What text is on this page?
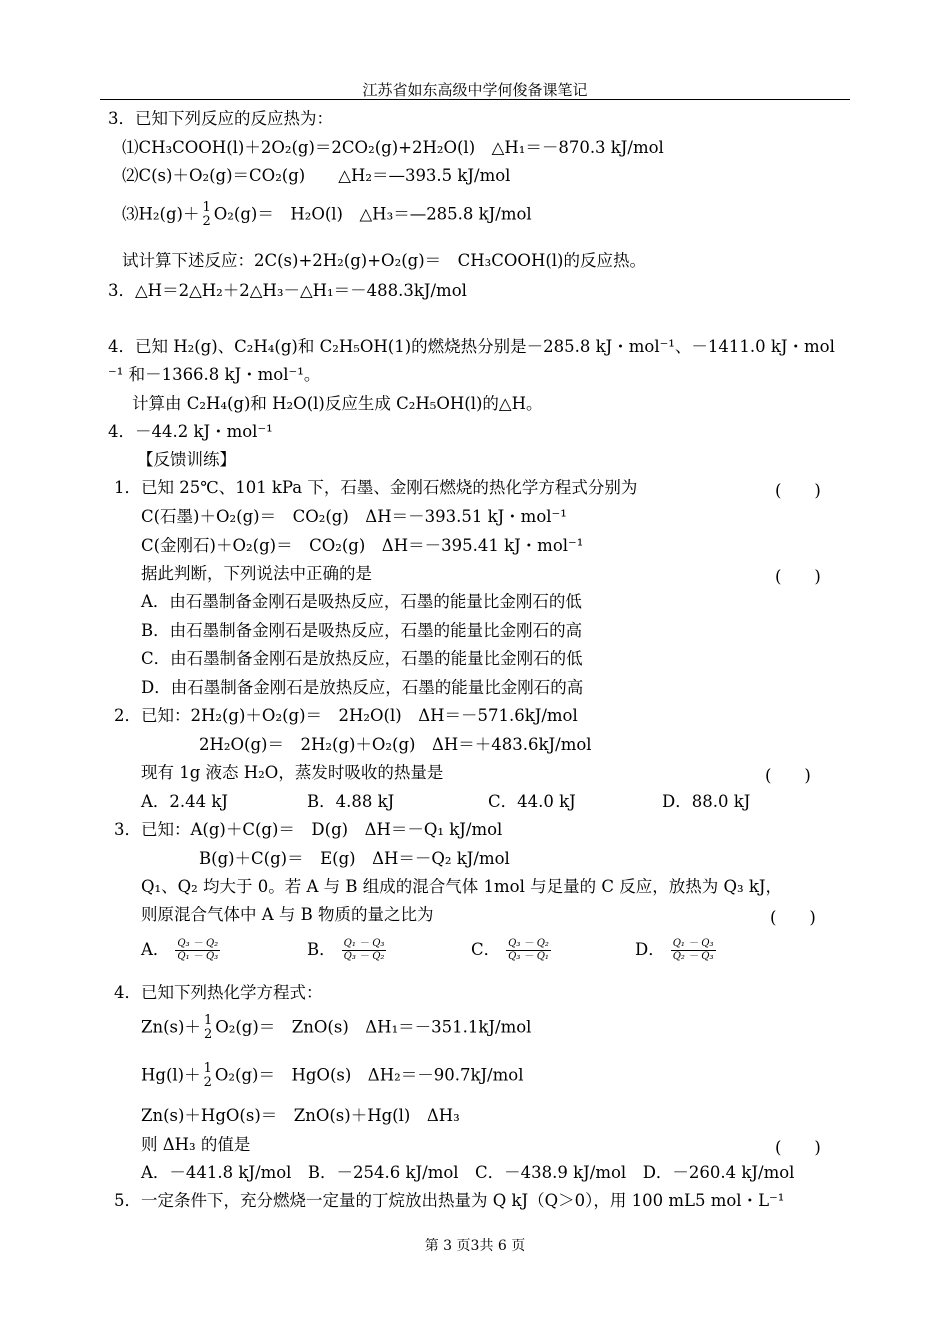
江苏省如东高级中学何俊备课笔记
3．已知下列反应的反应热为：
⑴CH₃COOH(l)＋2O₂(g)＝2CO₂(g)+2H₂O(l)　△H₁＝－870.3 kJ/mol
⑵C(s)＋O₂(g)＝CO₂(g)　　△H₂＝—393.5 kJ/mol
⑶H₂(g)＋ 1
2 O₂(g)＝　H₂O(l)　△H₃＝—285.8 kJ/mol
试计算下述反应：2C(s)+2H₂(g)+O₂(g)＝　CH₃COOH(l)的反应热。
3．△H＝2△H₂＋2△H₃－△H₁＝－488.3kJ/mol
4．已知 H₂(g)、C₂H₄(g)和 C₂H₅OH(1)的燃烧热分别是－285.8 kJ・mol⁻¹、－1411.0 kJ・mol
⁻¹ 和－1366.8 kJ・mol⁻¹。
计算由 C₂H₄(g)和 H₂O(l)反应生成 C₂H₅OH(l)的△H。
4．－44.2 kJ・mol⁻¹
【反馈训练】
1．已知 25℃、101 kPa 下，石墨、金刚石燃烧的热化学方程式分别为	(　　)
C(石墨)＋O₂(g)＝　CO₂(g)　ΔH＝－393.51 kJ・mol⁻¹
C(金刚石)＋O₂(g)＝　CO₂(g)　ΔH＝－395.41 kJ・mol⁻¹
据此判断，下列说法中正确的是	(　　)
A．由石墨制备金刚石是吸热反应，石墨的能量比金刚石的低
B．由石墨制备金刚石是吸热反应，石墨的能量比金刚石的高
C．由石墨制备金刚石是放热反应，石墨的能量比金刚石的低
D．由石墨制备金刚石是放热反应，石墨的能量比金刚石的高
2．已知：2H₂(g)＋O₂(g)＝　2H₂O(l)　ΔH＝－571.6kJ/mol
2H₂O(g)＝　2H₂(g)＋O₂(g)　ΔH＝＋483.6kJ/mol
现有 1g 液态 H₂O，蒸发时吸收的热量是	(　　)
A．2.44 kJ	B．4.88 kJ	C．44.0 kJ	D．88.0 kJ
3．已知：A(g)＋C(g)＝　D(g)　ΔH＝－Q₁ kJ/mol
B(g)＋C(g)＝　E(g)　ΔH＝－Q₂ kJ/mol
Q₁、Q₂ 均大于 0。若 A 与 B 组成的混合气体 1mol 与足量的 C 反应，放热为 Q₃ kJ，
则原混合气体中 A 与 B 物质的量之比为	(　　)
A． $\frac{\text{Q₃ － Q₂}}{\text{Q₁ － Q₃}}$	B． $\frac{\text{Q₁ － Q₃}}{\text{Q₃ － Q₂}}$	C． $\frac{\text{Q₃ － Q₂}}{\text{Q₃ － Q₁}}$	D． $\frac{\text{Q₁ － Q₃}}{\text{Q₂ － Q₃}}$
4．已知下列热化学方程式：
Zn(s)＋ 1
2 O₂(g)＝　ZnO(s)　ΔH₁＝－351.1kJ/mol
Hg(l)＋ 1
2 O₂(g)＝　HgO(s)　ΔH₂＝－90.7kJ/mol
Zn(s)＋HgO(s)＝　ZnO(s)＋Hg(l)　ΔH₃
则 ΔH₃ 的值是	(　　)
A．－441.8 kJ/mol　B．－254.6 kJ/mol　C．－438.9 kJ/mol　D．－260.4 kJ/mol
5．一定条件下，充分燃烧一定量的丁烷放出热量为 Q kJ（Q＞0），用 100 mL5 mol・L⁻¹
第 3 页3共 6 页
